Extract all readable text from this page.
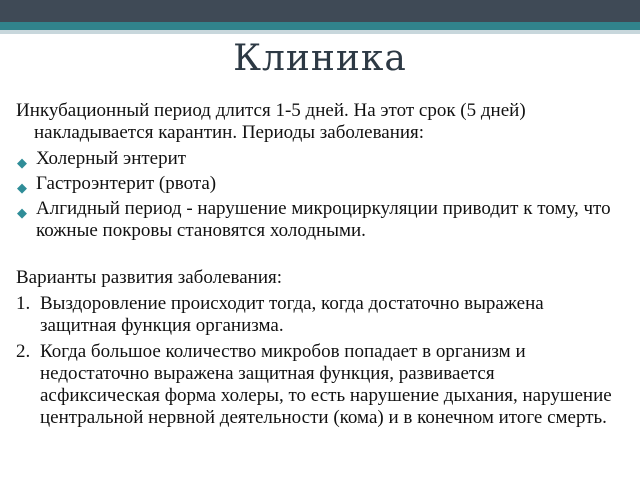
Клиника

Инкубационный период длится 1-5 дней. На этот срок (5 дней) накладывается карантин. Периоды заболевания:

◆ Холерный энтерит
◆ Гастроэнтерит (рвота)
◆ Алгидный период - нарушение микроциркуляции приводит к тому, что кожные покровы становятся холодными.

Варианты развития заболевания:

1. Выздоровление происходит тогда, когда достаточно выражена защитная функция организма.
2. Когда большое количество микробов попадает в организм и недостаточно выражена защитная функция, развивается асфиксическая форма холеры, то есть нарушение дыхания, нарушение центральной нервной деятельности (кома) и в конечном итоге смерть.
